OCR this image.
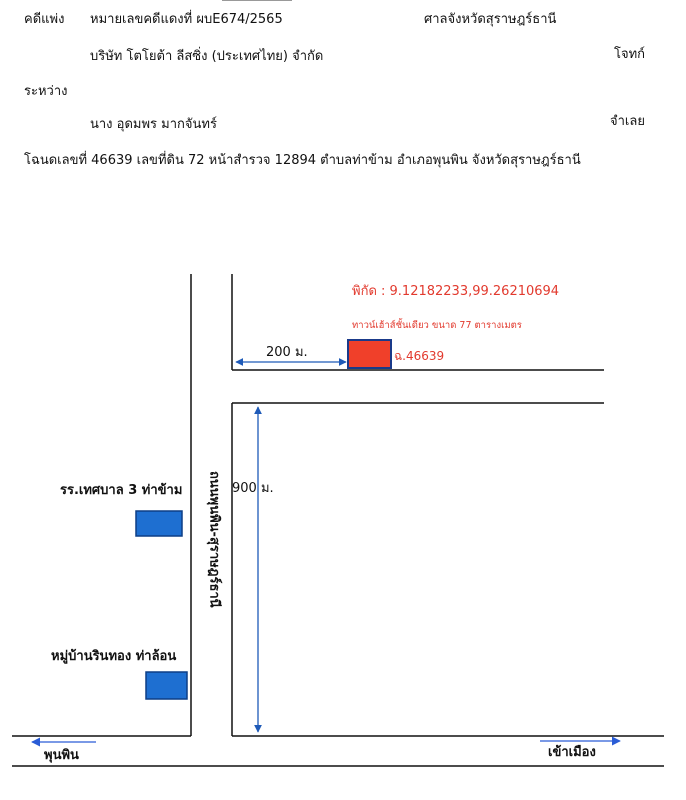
คดีแพ่ง หมายเลขคดีแดงที่ ผบE674/2565	ศาลจังหวัดสุราษฎร์ธานี
บริษัท โตโยต้า ลีสซิ่ง (ประเทศไทย) จำกัด	โจทก์
ระหว่าง
นาง อุดมพร มากจันทร์	จำเลย
โฉนดเลขที่ 46639 เลขที่ดิน 72 หน้าสำรวจ 12894 ตำบลท่าข้าม อำเภอพุนพิน จังหวัดสุราษฎร์ธานี
พิกัด : 9.12182233,99.26210694
ทาวน์เฮ้าส์ชั้นเดียว ขนาด 77 ตารางเมตร
ฉ.46639
200 ม.
900 ม.
ถนนพุนพิน-สุราษฎร์ธานี
รร.เทศบาล 3 ท่าข้าม
หมู่บ้านรินทอง ท่าล้อน
พุนพิน	เข้าเมือง
